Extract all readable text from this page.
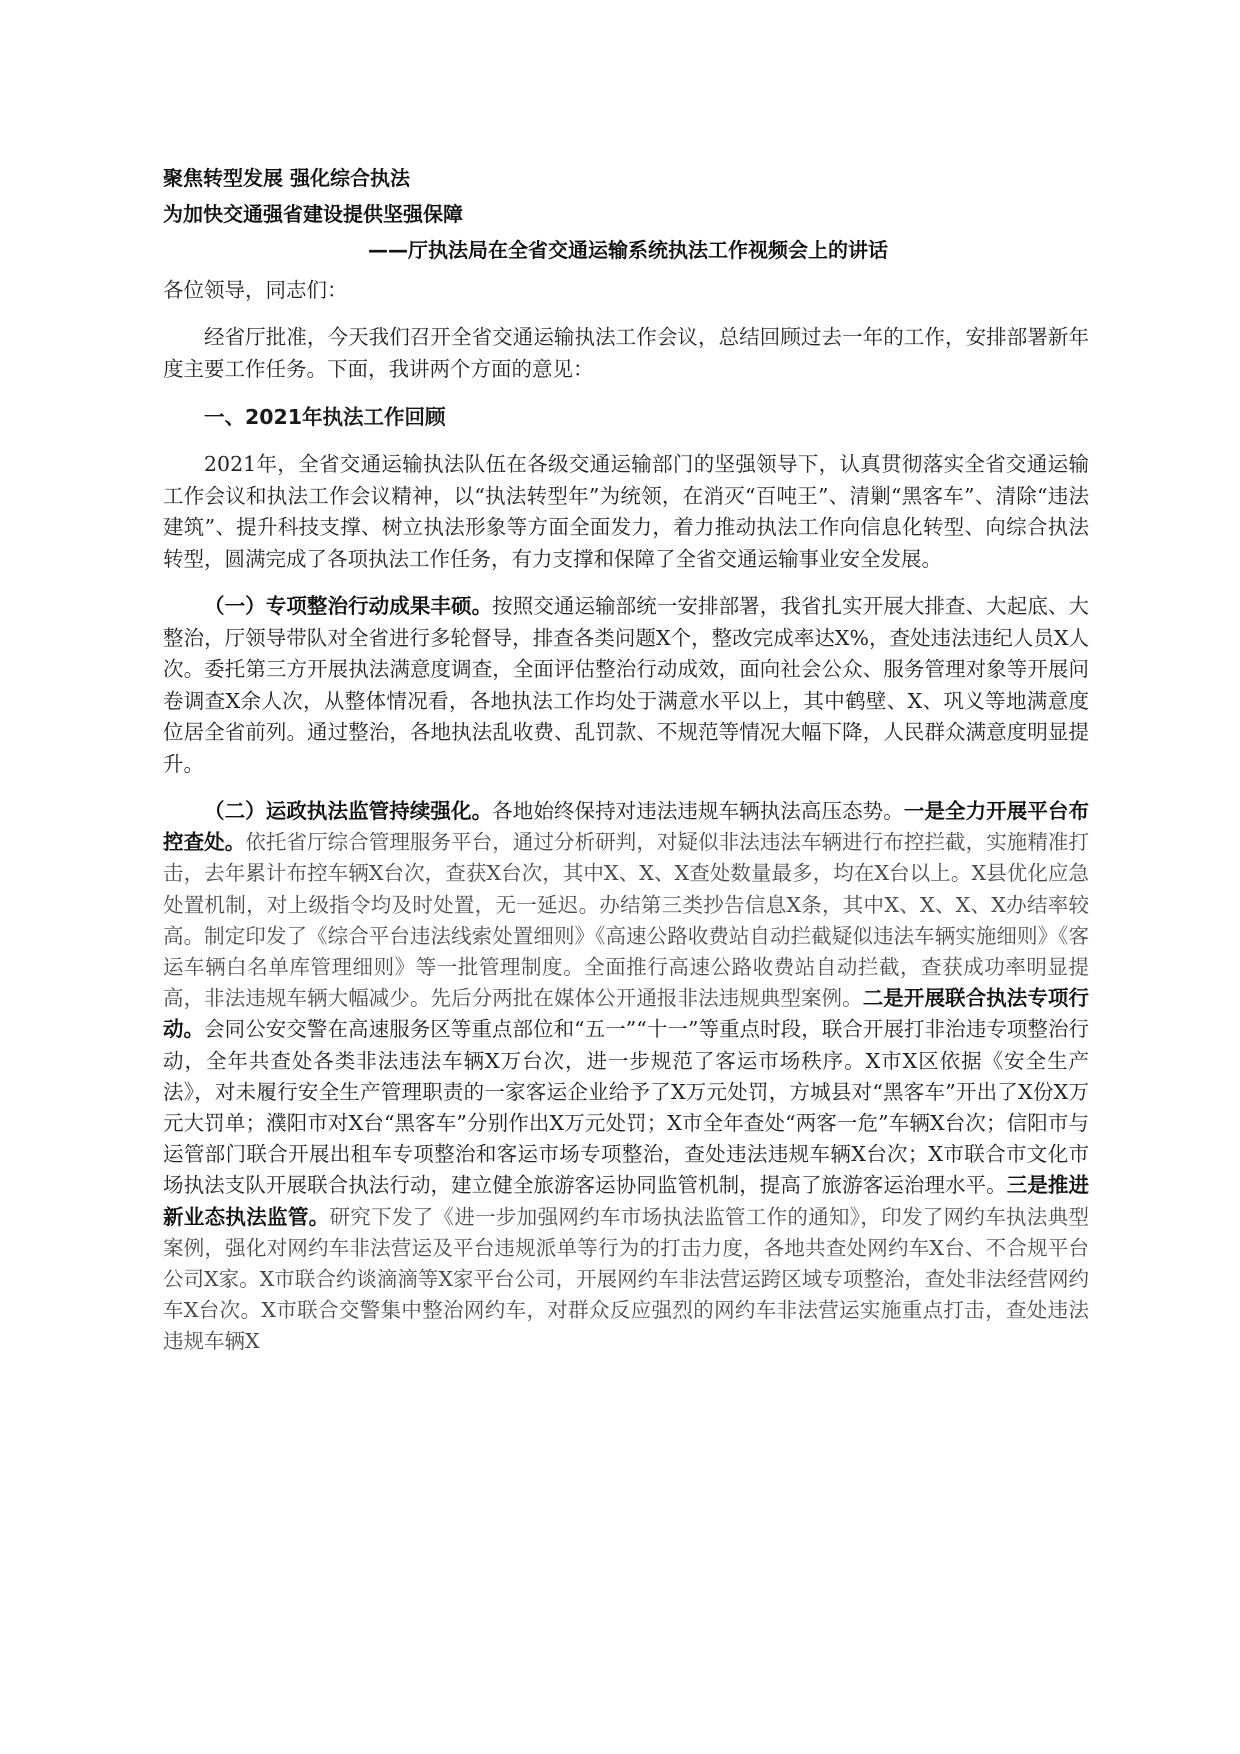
聚焦转型发展 强化综合执法

为加快交通强省建设提供坚强保障

——厅执法局在全省交通运输系统执法工作视频会上的讲话

各位领导，同志们：

经省厅批准，今天我们召开全省交通运输执法工作会议，总结回顾过去一年的工作，安排部署新年度主要工作任务。下面，我讲两个方面的意见：

一、2021年执法工作回顾

2021年，全省交通运输执法队伍在各级交通运输部门的坚强领导下，认真贯彻落实全省交通运输工作会议和执法工作会议精神，以“执法转型年”为统领，在消灭“百吨王”、清剿“黑客车”、清除“违法建筑”、提升科技支撑、树立执法形象等方面全面发力，着力推动执法工作向信息化转型、向综合执法转型，圆满完成了各项执法工作任务，有力支撑和保障了全省交通运输事业安全发展。

（一）专项整治行动成果丰硕。按照交通运输部统一安排部署，我省扎实开展大排查、大起底、大整治，厅领导带队对全省进行多轮督导，排查各类问题X个，整改完成率达X%，查处违法违纪人员X人次。委托第三方开展执法满意度调查，全面评估整治行动成效，面向社会公众、服务管理对象等开展问卷调查X余人次，从整体情况看，各地执法工作均处于满意水平以上，其中鹤壁、X、巩义等地满意度位居全省前列。通过整治，各地执法乱收费、乱罚款、不规范等情况大幅下降，人民群众满意度明显提升。

（二）运政执法监管持续强化。各地始终保持对违法违规车辆执法高压态势。一是全力开展平台布控查处。依托省厅综合管理服务平台，通过分析研判，对疑似非法违法车辆进行布控拦截，实施精准打击，去年累计布控车辆X台次，查获X台次，其中X、X、X查处数量最多，均在X台以上。X县优化应急处置机制，对上级指令均及时处置，无一延迟。办结第三类抄告信息X条，其中X、X、X、X办结率较高。制定印发了《综合平台违法线索处置细则》《高速公路收费站自动拦截疑似违法车辆实施细则》《客运车辆白名单库管理细则》等一批管理制度。全面推行高速公路收费站自动拦截，查获成功率明显提高，非法违规车辆大幅减少。先后分两批在媒体公开通报非法违规典型案例。二是开展联合执法专项行动。会同公安交警在高速服务区等重点部位和“五一”“十一”等重点时段，联合开展打非治违专项整治行动，全年共查处各类非法违法车辆X万台次，进一步规范了客运市场秩序。X市X区依据《安全生产法》，对未履行安全生产管理职责的一家客运企业给予了X万元处罚，方城县对“黑客车”开出了X份X万元大罚单；濮阳市对X台“黑客车”分别作出X万元处罚；X市全年查处“两客一危”车辆X台次；信阳市与运管部门联合开展出租车专项整治和客运市场专项整治，查处违法违规车辆X台次；X市联合市文化市场执法支队开展联合执法行动，建立健全旅游客运协同监管机制，提高了旅游客运治理水平。三是推进新业态执法监管。研究下发了《进一步加强网约车市场执法监管工作的通知》，印发了网约车执法典型案例，强化对网约车非法营运及平台违规派单等行为的打击力度，各地共查处网约车X台、不合规平台公司X家。X市联合约谈滴滴等X家平台公司，开展网约车非法营运跨区域专项整治，查处非法经营网约车X台次。X市联合交警集中整治网约车，对群众反应强烈的网约车非法营运实施重点打击，查处违法违规车辆X
